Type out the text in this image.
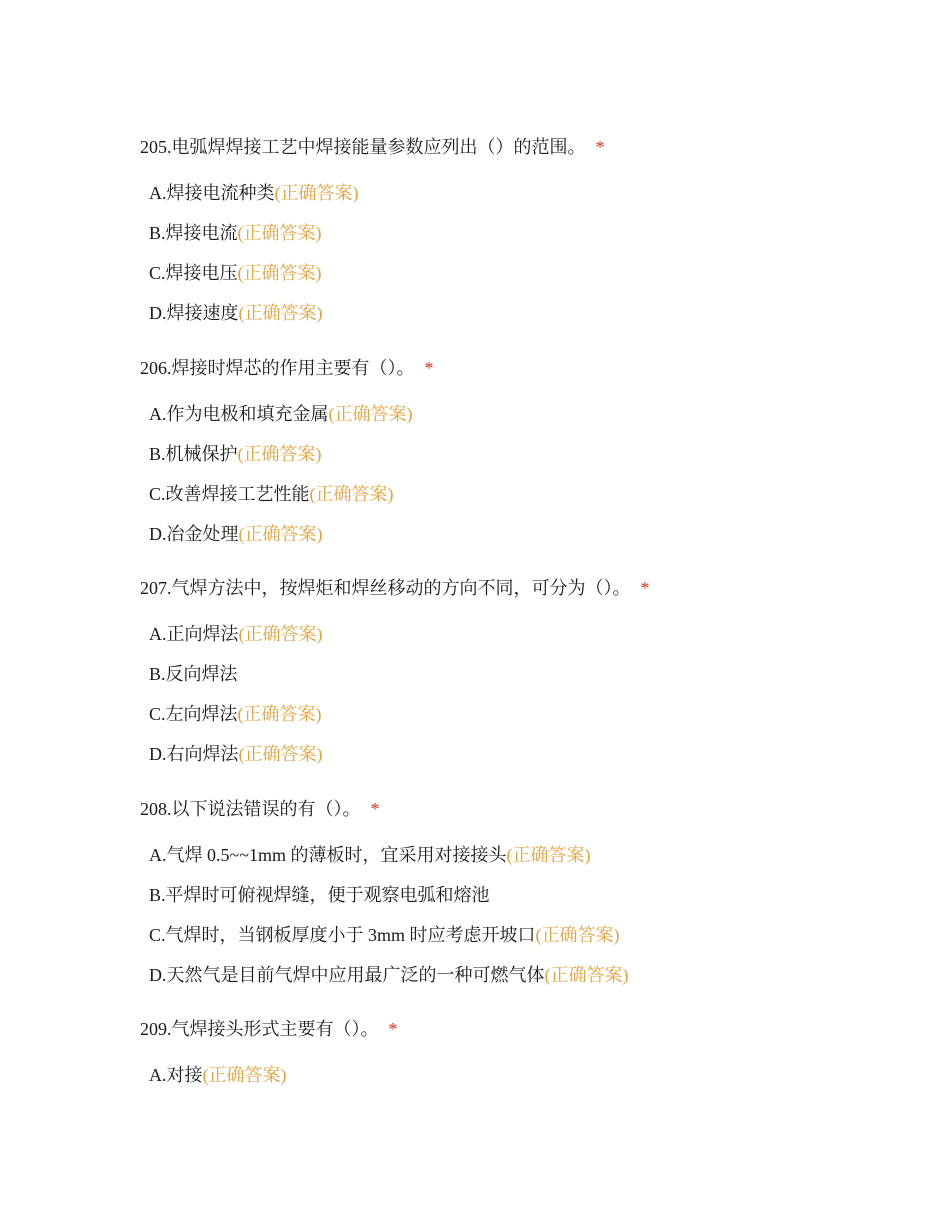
205.电弧焊焊接工艺中焊接能量参数应列出（）的范围。 *
A.焊接电流种类(正确答案)
B.焊接电流(正确答案)
C.焊接电压(正确答案)
D.焊接速度(正确答案)
206.焊接时焊芯的作用主要有（）。 *
A.作为电极和填充金属(正确答案)
B.机械保护(正确答案)
C.改善焊接工艺性能(正确答案)
D.冶金处理(正确答案)
207.气焊方法中，按焊炬和焊丝移动的方向不同，可分为（）。 *
A.正向焊法(正确答案)
B.反向焊法
C.左向焊法(正确答案)
D.右向焊法(正确答案)
208.以下说法错误的有（）。 *
A.气焊 0.5~~1mm 的薄板时，宜采用对接接头(正确答案)
B.平焊时可俯视焊缝，便于观察电弧和熔池
C.气焊时，当钢板厚度小于 3mm 时应考虑开坡口(正确答案)
D.天然气是目前气焊中应用最广泛的一种可燃气体(正确答案)
209.气焊接头形式主要有（）。 *
A.对接(正确答案)
